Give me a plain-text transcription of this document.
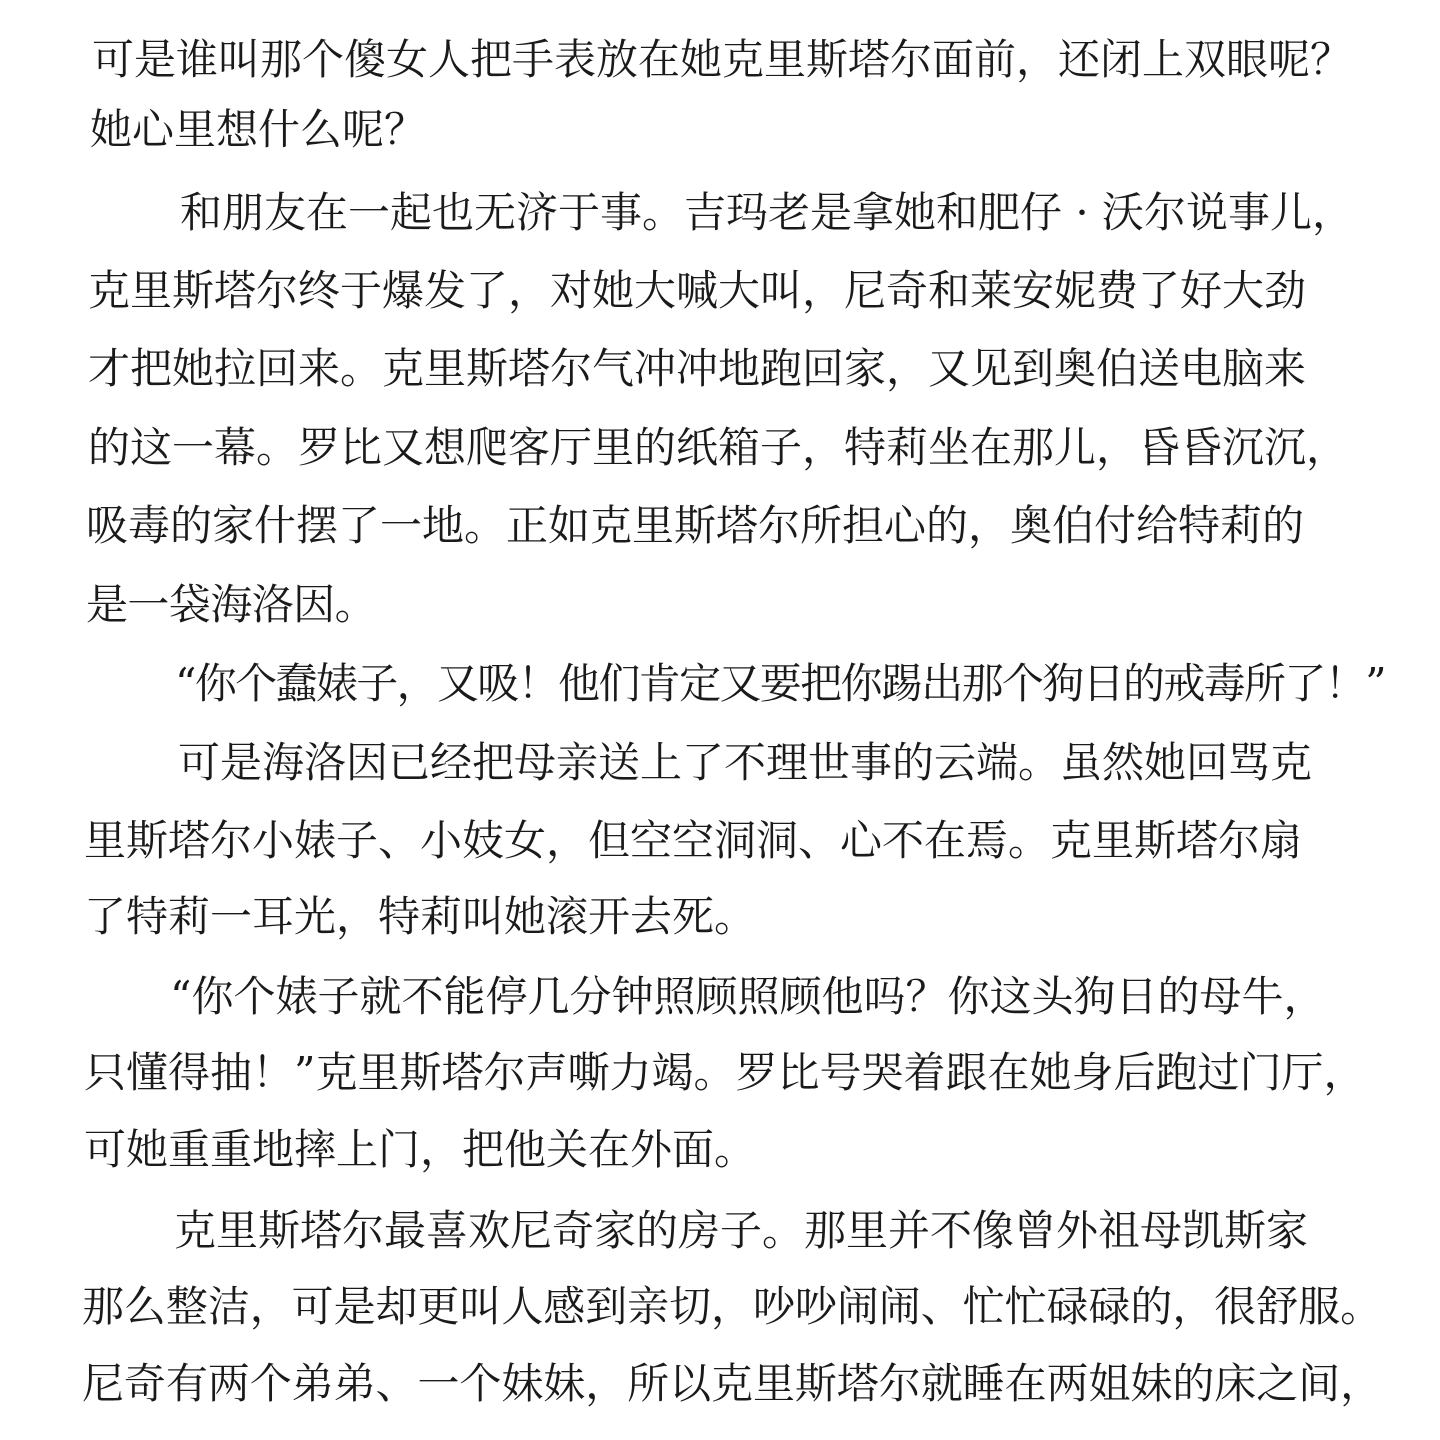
可是谁叫那个傻女人把手表放在她克里斯塔尔面前，还闭上双眼呢？
她心里想什么呢？
和朋友在一起也无济于事。吉玛老是拿她和肥仔 · 沃尔说事儿，
克里斯塔尔终于爆发了，对她大喊大叫，尼奇和莱安妮费了好大劲
才把她拉回来。克里斯塔尔气冲冲地跑回家，又见到奥伯送电脑来
的这一幕。罗比又想爬客厅里的纸箱子，特莉坐在那儿，昏昏沉沉，
吸毒的家什摆了一地。正如克里斯塔尔所担心的，奥伯付给特莉的
是一袋海洛因。
“你个蠢婊子，又吸！他们肯定又要把你踢出那个狗日的戒毒所了！”
可是海洛因已经把母亲送上了不理世事的云端。虽然她回骂克
里斯塔尔小婊子、小妓女，但空空洞洞、心不在焉。克里斯塔尔扇
了特莉一耳光，特莉叫她滚开去死。
“你个婊子就不能停几分钟照顾照顾他吗？你这头狗日的母牛，
只懂得抽！”克里斯塔尔声嘶力竭。罗比号哭着跟在她身后跑过门厅，
可她重重地摔上门，把他关在外面。
克里斯塔尔最喜欢尼奇家的房子。那里并不像曾外祖母凯斯家
那么整洁，可是却更叫人感到亲切，吵吵闹闹、忙忙碌碌的，很舒服。
尼奇有两个弟弟、一个妹妹，所以克里斯塔尔就睡在两姐妹的床之间，
